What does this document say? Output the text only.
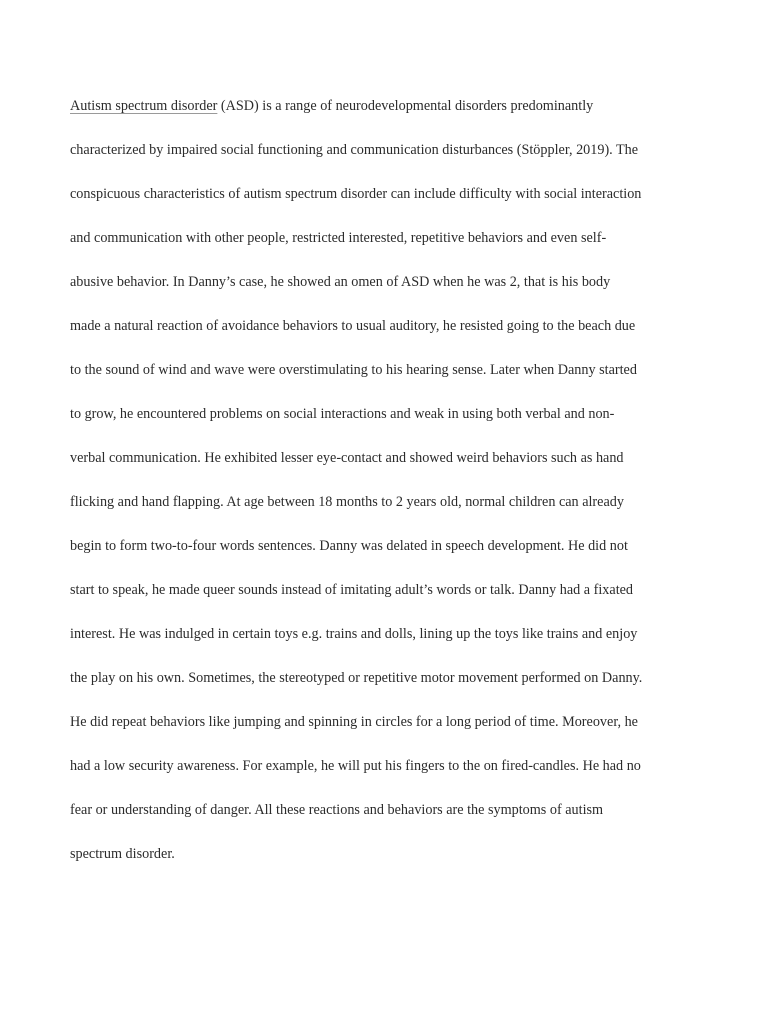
Autism spectrum disorder (ASD) is a range of neurodevelopmental disorders predominantly
characterized by impaired social functioning and communication disturbances (Stöppler, 2019). The
conspicuous characteristics of autism spectrum disorder can include difficulty with social interaction
and communication with other people, restricted interested, repetitive behaviors and even self-
abusive behavior. In Danny’s case, he showed an omen of ASD when he was 2, that is his body
made a natural reaction of avoidance behaviors to usual auditory, he resisted going to the beach due
to the sound of wind and wave were overstimulating to his hearing sense. Later when Danny started
to grow, he encountered problems on social interactions and weak in using both verbal and non-
verbal communication. He exhibited lesser eye-contact and showed weird behaviors such as hand
flicking and hand flapping. At age between 18 months to 2 years old, normal children can already
begin to form two-to-four words sentences. Danny was delated in speech development. He did not
start to speak, he made queer sounds instead of imitating adult’s words or talk. Danny had a fixated
interest. He was indulged in certain toys e.g. trains and dolls, lining up the toys like trains and enjoy
the play on his own. Sometimes, the stereotyped or repetitive motor movement performed on Danny.
He did repeat behaviors like jumping and spinning in circles for a long period of time. Moreover, he
had a low security awareness. For example, he will put his fingers to the on fired-candles. He had no
fear or understanding of danger. All these reactions and behaviors are the symptoms of autism
spectrum disorder.
